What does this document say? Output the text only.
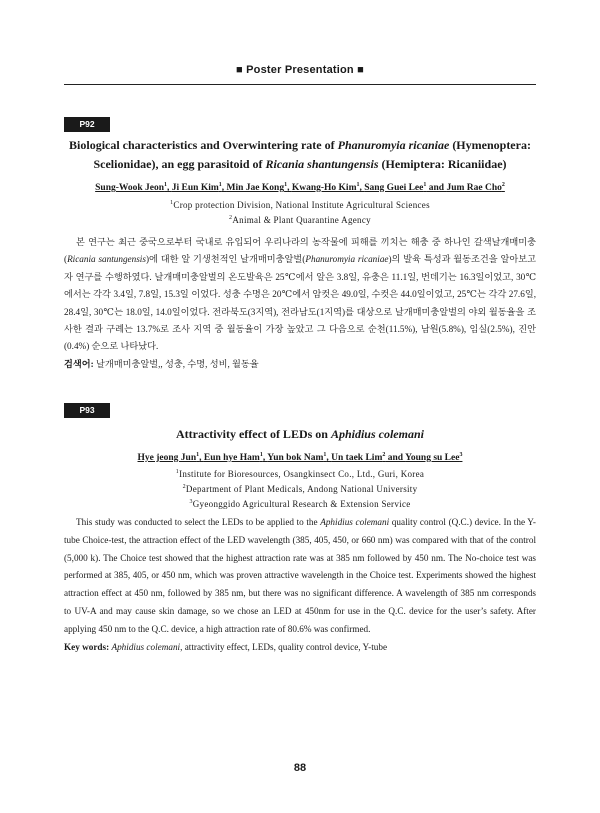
■ Poster Presentation ■
P92
Biological characteristics and Overwintering rate of Phanuromyia ricaniae (Hymenoptera: Scelionidae), an egg parasitoid of Ricania shantungensis (Hemiptera: Ricaniidae)
Sung-Wook Jeon$^1$, Ji Eun Kim$^1$, Min Jae Kong$^1$, Kwang-Ho Kim$^1$, Sang Guei Lee$^1$ and Jum Rae Cho$^2$
$^1$Crop protection Division, National Institute Agricultural Sciences
$^2$Animal & Plant Quarantine Agency

본 연구는 최근 중국으로부터 국내로 유입되어 우리나라의 농작물에 피해를 끼치는 해충 중 하나인 갈색날개매미충(Ricania santungensis)에 대한 알 기생천적인 날개매미충알벌(Phanuromyia ricaniae)의 발육 특성과 월동조건을 알아보고자 연구를 수행하였다. 날개매미충알벌의 온도발육은 25℃에서 알은 3.8일, 유충은 11.1일, 번데기는 16.3일이었고, 30℃에서는 각각 3.4일, 7.8일, 15.3일 이었다. 성충 수명은 20℃에서 암컷은 49.0일, 수컷은 44.0일이었고, 25℃는 각각 27.6일, 28.4일, 30℃는 18.0일, 14.0일이었다. 전라북도(3지역), 전라남도(1지역)를 대상으로 날개매미충알벌의 야외 월동율을 조사한 결과 구례는 13.7%로 조사 지역 중 월동율이 가장 높았고 그 다음으로 순천(11.5%), 남원(5.8%), 임실(2.5%), 진안(0.4%) 순으로 나타났다.

검색어: 날개매미충알벌,, 성충, 수명, 성비, 월동율

P93
Attractivity effect of LEDs on Aphidius colemani
Hye jeong Jun$^1$, Eun hye Ham$^1$, Yun bok Nam$^1$, Un taek Lim$^2$ and Young su Lee$^3$
$^1$Institute for Bioresources, Osangkinsect Co., Ltd., Guri, Korea
$^2$Department of Plant Medicals, Andong National University
$^3$Gyeonggido Agricultural Research & Extension Service

This study was conducted to select the LEDs to be applied to the Aphidius colemani quality control (Q.C.) device. In the Y-tube Choice-test, the attraction effect of the LED wavelength (385, 405, 450, or 660 nm) was compared with that of the control (5,000 k). The Choice test showed that the highest attraction rate was at 385 nm followed by 450 nm. The No-choice test was performed at 385, 405, or 450 nm, which was proven attractive wavelength in the Choice test. Experiments showed the highest attraction effect at 450 nm, followed by 385 nm, but there was no significant difference. A wavelength of 385 nm corresponds to UV-A and may cause skin damage, so we chose an LED at 450nm for use in the Q.C. device for the user’s safety. After applying 450 nm to the Q.C. device, a high attraction rate of 80.6% was confirmed.

Key words: Aphidius colemani, attractivity effect, LEDs, quality control device, Y-tube

88
